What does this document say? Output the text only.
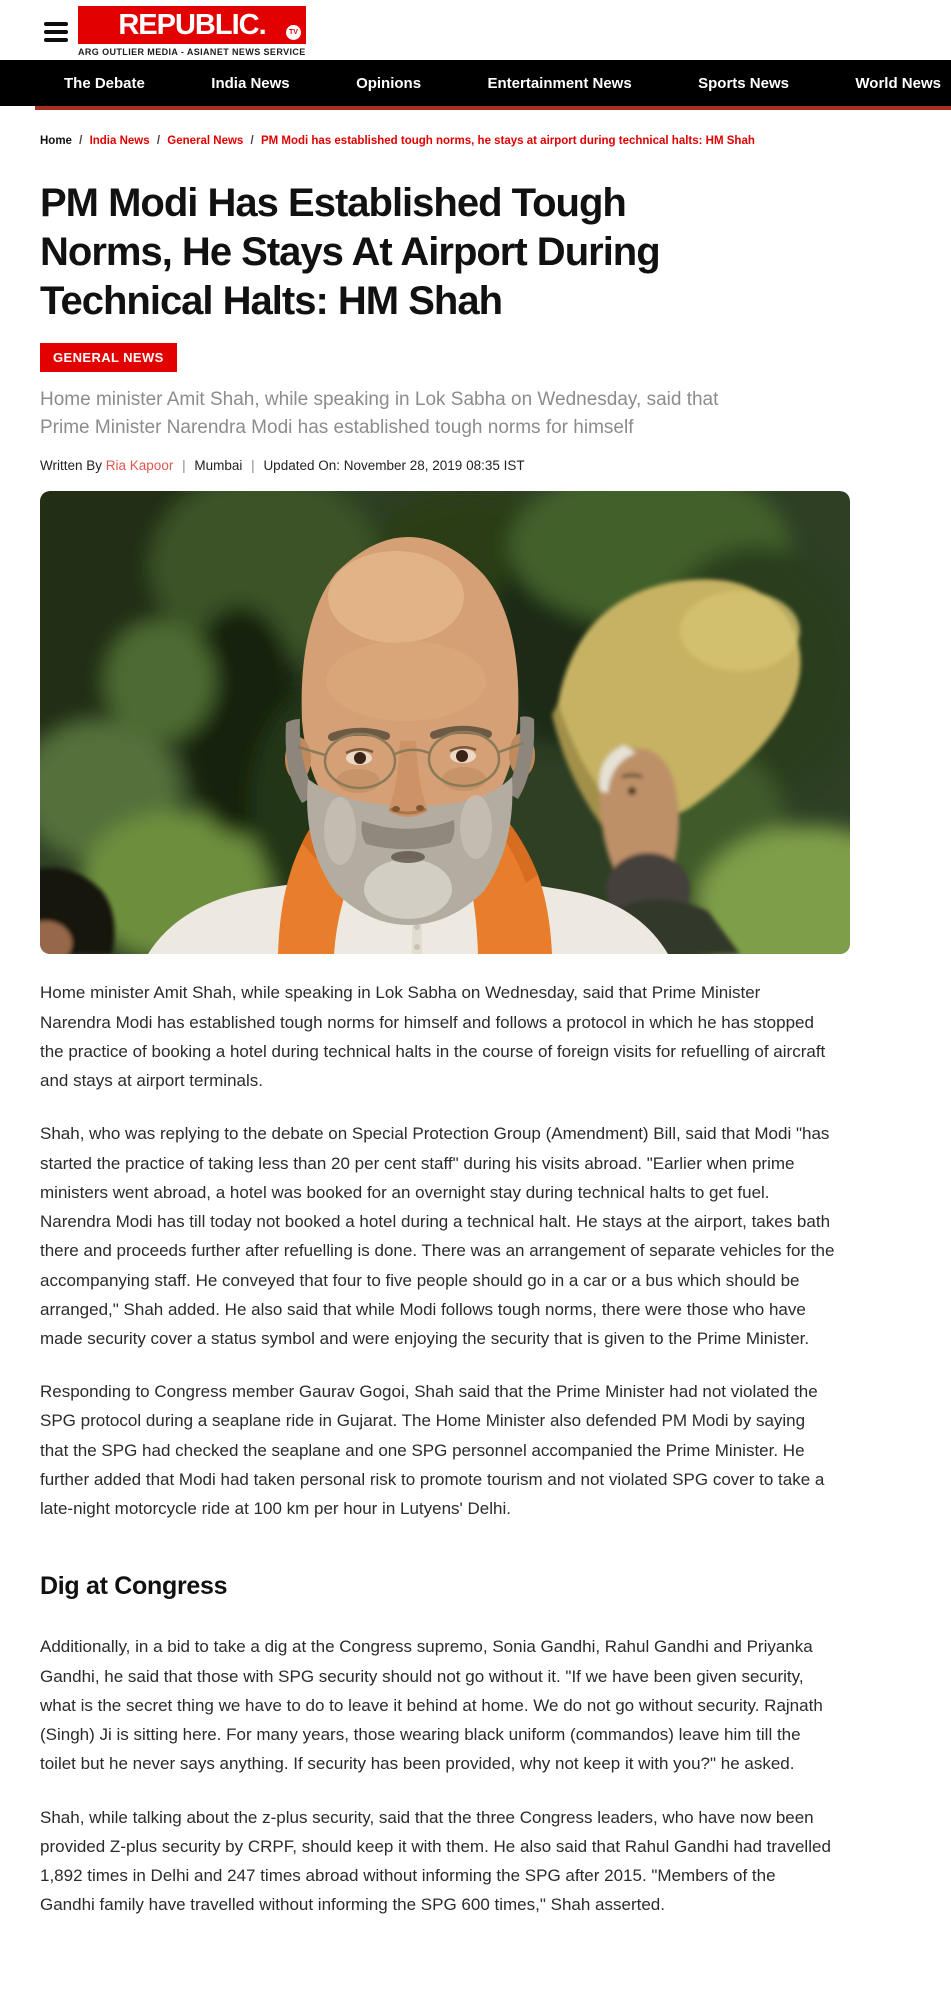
REPUBLIC.	TV
ARG OUTLIER MEDIA - ASIANET NEWS SERVICE
The Debate	India News	Opinions	Entertainment News	Sports News	World News
Home / India News / General News / PM Modi has established tough norms, he stays at airport during technical halts: HM Shah
PM Modi Has Established Tough Norms, He Stays At Airport During Technical Halts: HM Shah
GENERAL NEWS

Home minister Amit Shah, while speaking in Lok Sabha on Wednesday, said that Prime Minister Narendra Modi has established tough norms for himself

Written By Ria Kapoor | Mumbai | Updated On: November 28, 2019 08:35 IST

Home minister Amit Shah, while speaking in Lok Sabha on Wednesday, said that Prime Minister Narendra Modi has established tough norms for himself and follows a protocol in which he has stopped the practice of booking a hotel during technical halts in the course of foreign visits for refuelling of aircraft and stays at airport terminals.

Shah, who was replying to the debate on Special Protection Group (Amendment) Bill, said that Modi "has started the practice of taking less than 20 per cent staff" during his visits abroad. "Earlier when prime ministers went abroad, a hotel was booked for an overnight stay during technical halts to get fuel. Narendra Modi has till today not booked a hotel during a technical halt. He stays at the airport, takes bath there and proceeds further after refuelling is done. There was an arrangement of separate vehicles for the accompanying staff. He conveyed that four to five people should go in a car or a bus which should be arranged," Shah added. He also said that while Modi follows tough norms, there were those who have made security cover a status symbol and were enjoying the security that is given to the Prime Minister.

Responding to Congress member Gaurav Gogoi, Shah said that the Prime Minister had not violated the SPG protocol during a seaplane ride in Gujarat. The Home Minister also defended PM Modi by saying that the SPG had checked the seaplane and one SPG personnel accompanied the Prime Minister. He further added that Modi had taken personal risk to promote tourism and not violated SPG cover to take a late-night motorcycle ride at 100 km per hour in Lutyens' Delhi.

Dig at Congress

Additionally, in a bid to take a dig at the Congress supremo, Sonia Gandhi, Rahul Gandhi and Priyanka Gandhi, he said that those with SPG security should not go without it. "If we have been given security, what is the secret thing we have to do to leave it behind at home. We do not go without security. Rajnath (Singh) Ji is sitting here. For many years, those wearing black uniform (commandos) leave him till the toilet but he never says anything. If security has been provided, why not keep it with you?" he asked.

Shah, while talking about the z-plus security, said that the three Congress leaders, who have now been provided Z-plus security by CRPF, should keep it with them. He also said that Rahul Gandhi had travelled 1,892 times in Delhi and 247 times abroad without informing the SPG after 2015. "Members of the Gandhi family have travelled without informing the SPG 600 times," Shah asserted.
